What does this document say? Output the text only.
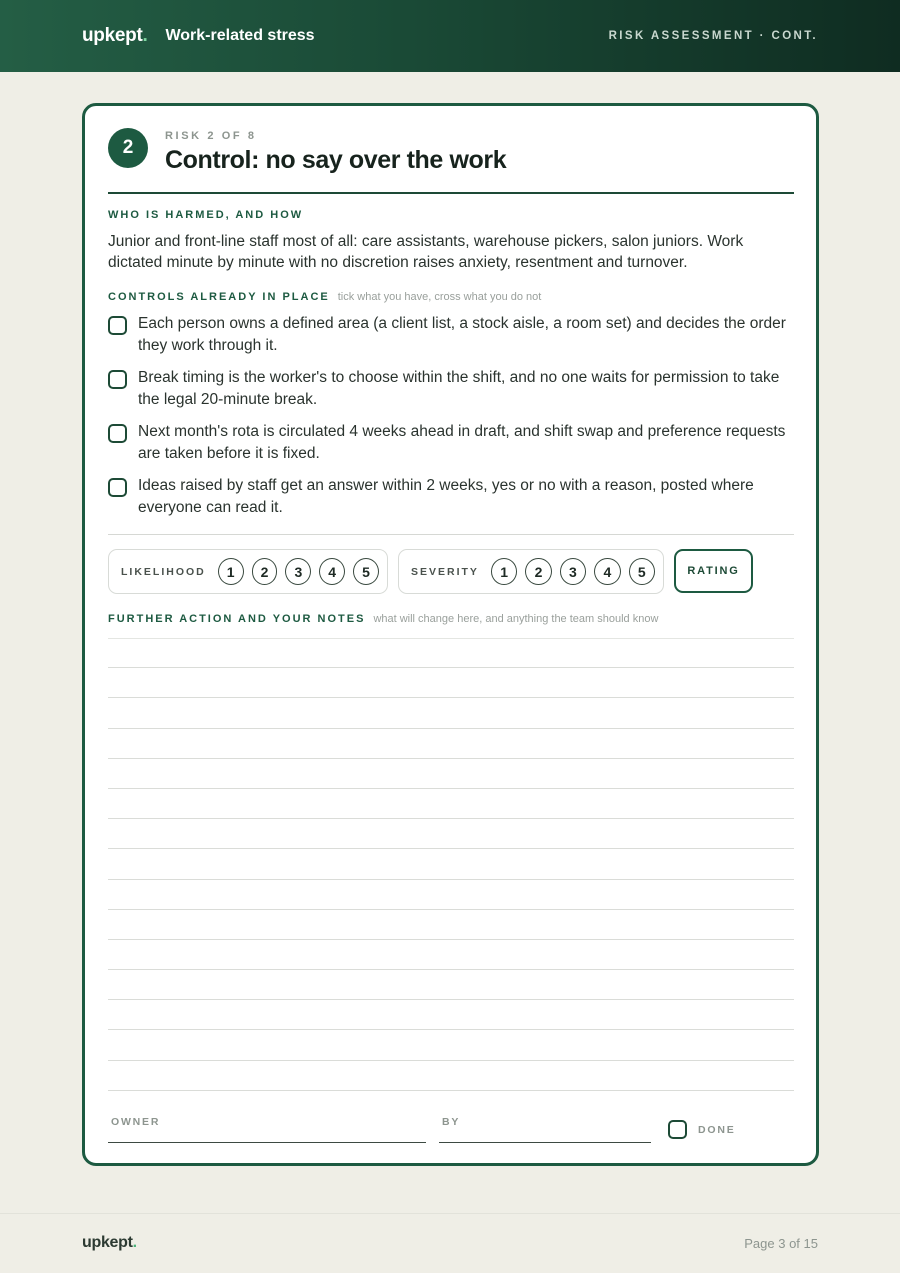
upkept. Work-related stress	RISK ASSESSMENT · CONT.
2
RISK 2 OF 8
Control: no say over the work
WHO IS HARMED, AND HOW
Junior and front-line staff most of all: care assistants, warehouse pickers, salon juniors. Work dictated minute by minute with no discretion raises anxiety, resentment and turnover.
CONTROLS ALREADY IN PLACE tick what you have, cross what you do not
Each person owns a defined area (a client list, a stock aisle, a room set) and decides the order they work through it.
Break timing is the worker's to choose within the shift, and no one waits for permission to take the legal 20-minute break.
Next month's rota is circulated 4 weeks ahead in draft, and shift swap and preference requests are taken before it is fixed.
Ideas raised by staff get an answer within 2 weeks, yes or no with a reason, posted where everyone can read it.
LIKELIHOOD	1	2	3	4	5	SEVERITY	1	2	3	4	5	RATING
FURTHER ACTION AND YOUR NOTES what will change here, and anything the team should know
OWNER	BY
DONE
upkept.	Page 3 of 15
